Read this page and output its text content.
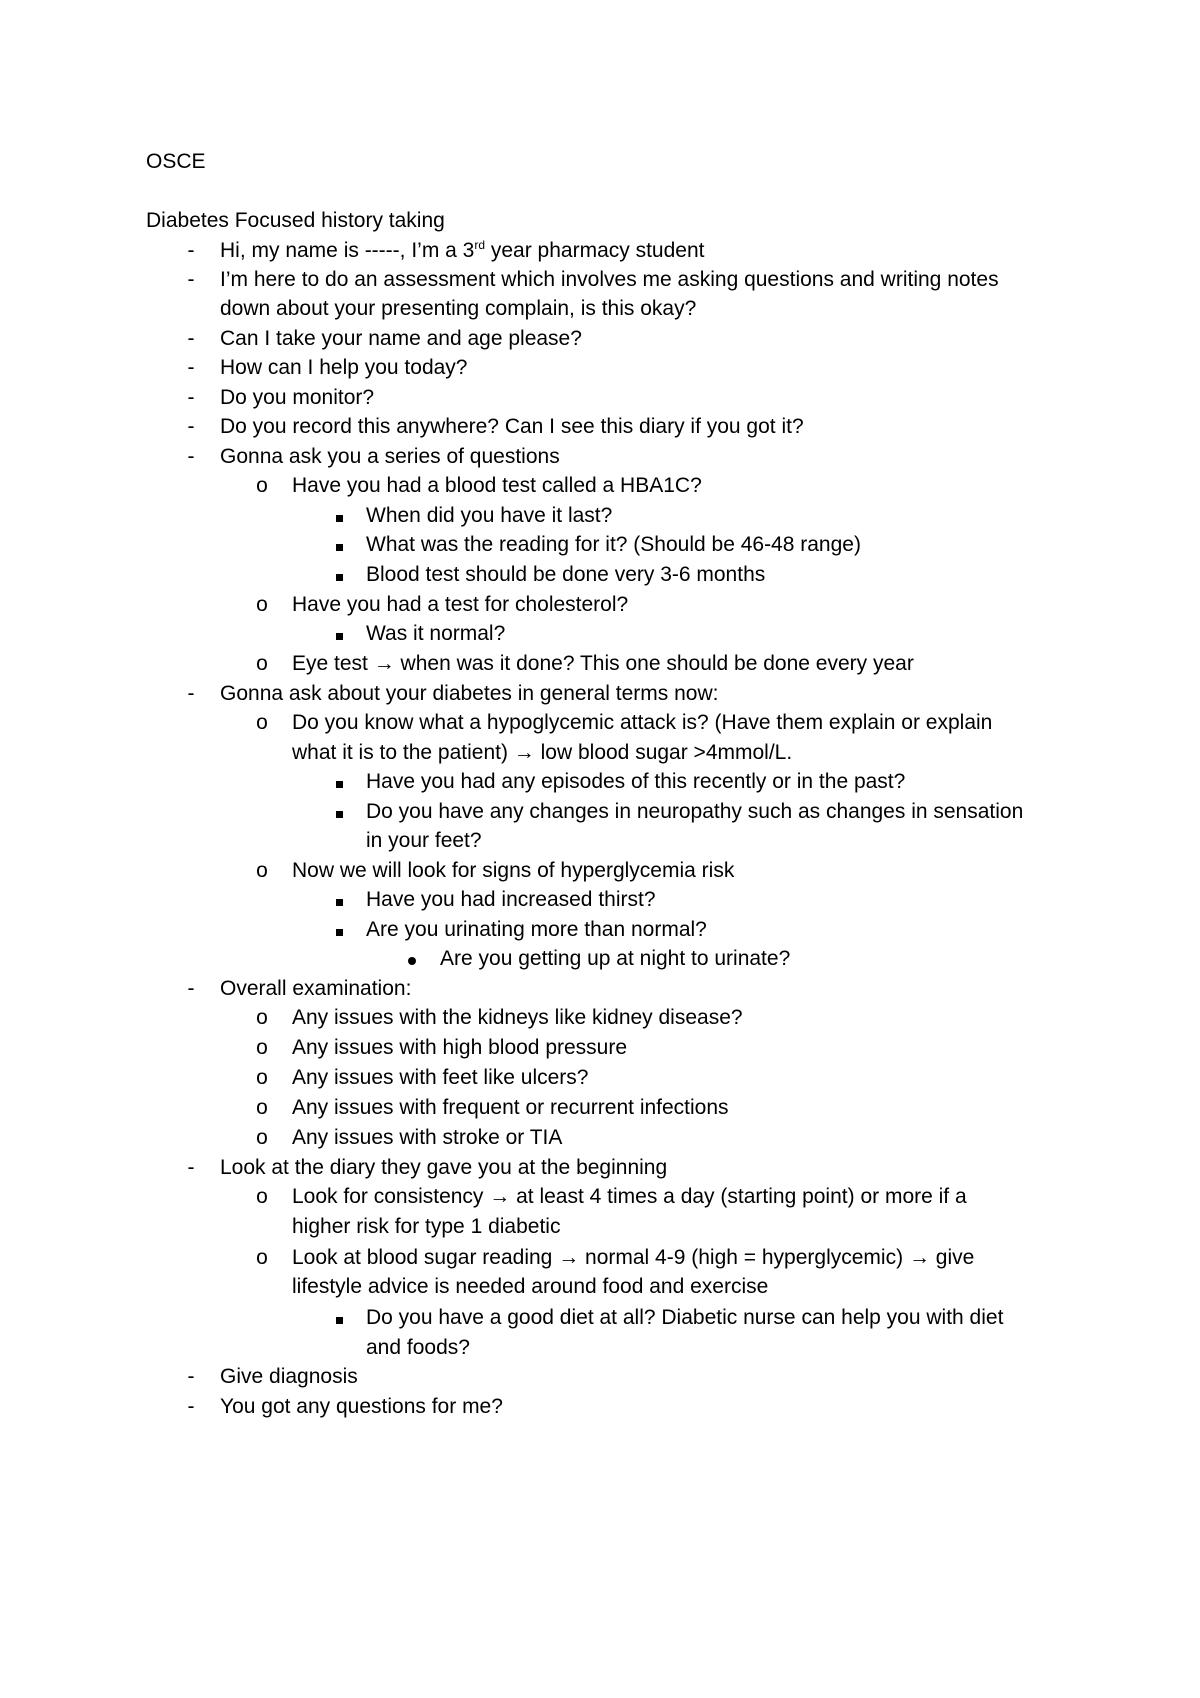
OSCE
Diabetes Focused history taking
-	Hi, my name is -----, I’m a 3rd year pharmacy student
-	I’m here to do an assessment which involves me asking questions and writing notes
down about your presenting complain, is this okay?
-	Can I take your name and age please?
-	How can I help you today?
-	Do you monitor?
-	Do you record this anywhere? Can I see this diary if you got it?
-	Gonna ask you a series of questions
o Have you had a blood test called a HBA1C?
When did you have it last?
What was the reading for it? (Should be 46-48 range)
Blood test should be done very 3-6 months
o Have you had a test for cholesterol?
Was it normal?
o Eye test → when was it done? This one should be done every year
-	Gonna ask about your diabetes in general terms now:
o Do you know what a hypoglycemic attack is? (Have them explain or explain
what it is to the patient) → low blood sugar >4mmol/L.
Have you had any episodes of this recently or in the past?
Do you have any changes in neuropathy such as changes in sensation
in your feet?
o Now we will look for signs of hyperglycemia risk
Have you had increased thirst?
Are you urinating more than normal?
Are you getting up at night to urinate?
-	Overall examination:
o Any issues with the kidneys like kidney disease?
o Any issues with high blood pressure
o Any issues with feet like ulcers?
o Any issues with frequent or recurrent infections
o Any issues with stroke or TIA
-	Look at the diary they gave you at the beginning
o Look for consistency → at least 4 times a day (starting point) or more if a
higher risk for type 1 diabetic
o Look at blood sugar reading → normal 4-9 (high = hyperglycemic) → give
lifestyle advice is needed around food and exercise
Do you have a good diet at all? Diabetic nurse can help you with diet
and foods?
-	Give diagnosis
-	You got any questions for me?
